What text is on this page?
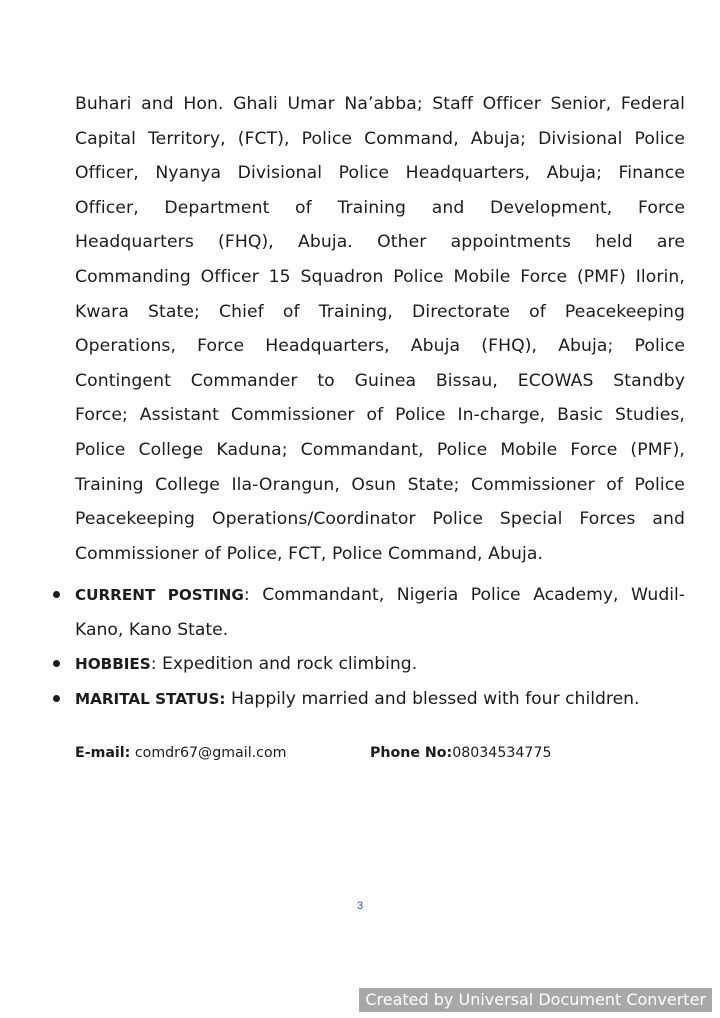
Buhari and Hon. Ghali Umar Na’abba; Staff Officer Senior, Federal
Capital Territory, (FCT), Police Command, Abuja; Divisional Police
Officer, Nyanya Divisional Police Headquarters, Abuja; Finance
Officer, Department of Training and Development, Force
Headquarters (FHQ), Abuja. Other appointments held are
Commanding Officer 15 Squadron Police Mobile Force (PMF) Ilorin,
Kwara State; Chief of Training, Directorate of Peacekeeping
Operations, Force Headquarters, Abuja (FHQ), Abuja; Police
Contingent Commander to Guinea Bissau, ECOWAS Standby
Force; Assistant Commissioner of Police In-charge, Basic Studies,
Police College Kaduna; Commandant, Police Mobile Force (PMF),
Training College Ila-Orangun, Osun State; Commissioner of Police
Peacekeeping Operations/Coordinator Police Special Forces and
Commissioner of Police, FCT, Police Command, Abuja.
CURRENT POSTING: Commandant, Nigeria Police Academy, Wudil-
Kano, Kano State.
HOBBIES: Expedition and rock climbing.
MARITAL STATUS: Happily married and blessed with four children.
E-mail: comdr67@gmail.com	Phone No:08034534775
3
Created by Universal Document Converter
